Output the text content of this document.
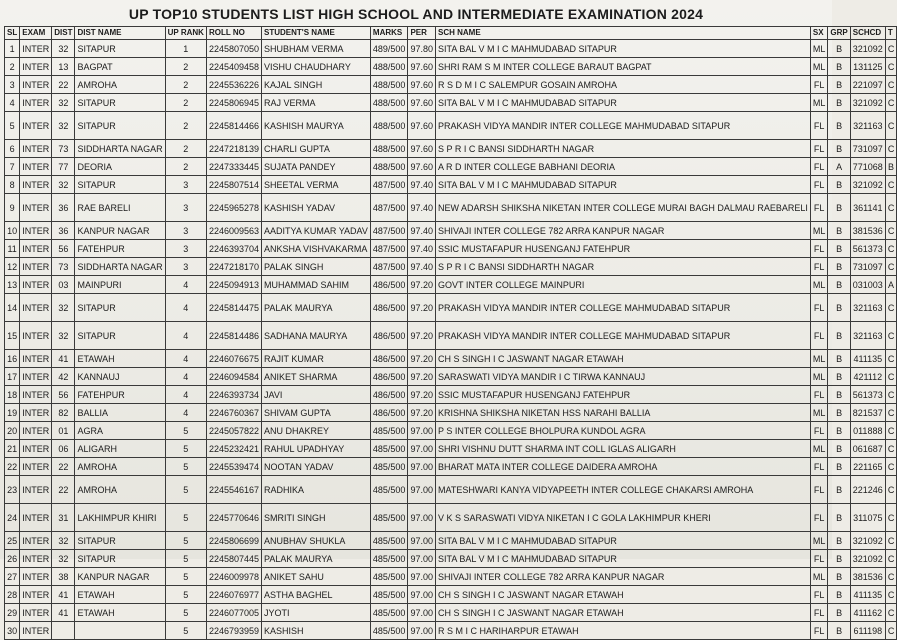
UP TOP10 STUDENTS LIST HIGH SCHOOL AND INTERMEDIATE EXAMINATION 2024
SL	EXAM	DIST	DIST NAME	UP RANK	ROLL NO	STUDENT'S NAME	MARKS	PER	SCH NAME	SX	GRP	SCHCD	T
1	INTER	32	SITAPUR	1	2245807050	SHUBHAM VERMA	489/500	97.80	SITA BAL V M I C MAHMUDABAD SITAPUR	ML	B	321092	C
2	INTER	13	BAGPAT	2	2245409458	VISHU CHAUDHARY	488/500	97.60	SHRI RAM S M INTER COLLEGE BARAUT BAGPAT	ML	B	131125	C
3	INTER	22	AMROHA	2	2245536226	KAJAL SINGH	488/500	97.60	R S D M I C SALEMPUR GOSAIN AMROHA	FL	B	221097	C
4	INTER	32	SITAPUR	2	2245806945	RAJ VERMA	488/500	97.60	SITA BAL V M I C MAHMUDABAD SITAPUR	ML	B	321092	C
5	INTER	32	SITAPUR	2	2245814466	KASHISH MAURYA	488/500	97.60	PRAKASH VIDYA MANDIR INTER COLLEGE MAHMUDABAD SITAPUR	FL	B	321163	C
6	INTER	73	SIDDHARTA NAGAR	2	2247218139	CHARLI GUPTA	488/500	97.60	S P R I C BANSI SIDDHARTH NAGAR	FL	B	731097	C
7	INTER	77	DEORIA	2	2247333445	SUJATA PANDEY	488/500	97.60	A R D INTER COLLEGE BABHANI DEORIA	FL	A	771068	B
8	INTER	32	SITAPUR	3	2245807514	SHEETAL VERMA	487/500	97.40	SITA BAL V M I C MAHMUDABAD SITAPUR	FL	B	321092	C
9	INTER	36	RAE BARELI	3	2245965278	KASHISH YADAV	487/500	97.40	NEW ADARSH SHIKSHA NIKETAN INTER COLLEGE MURAI BAGH DALMAU RAEBARELI	FL	B	361141	C
10	INTER	36	KANPUR NAGAR	3	2246009563	AADITYA KUMAR YADAV	487/500	97.40	SHIVAJI INTER COLLEGE 782 ARRA KANPUR NAGAR	ML	B	381536	C
11	INTER	56	FATEHPUR	3	2246393704	ANKSHA VISHVAKARMA	487/500	97.40	SSIC MUSTAFAPUR HUSENGANJ FATEHPUR	FL	B	561373	C
12	INTER	73	SIDDHARTA NAGAR	3	2247218170	PALAK SINGH	487/500	97.40	S P R I C BANSI SIDDHARTH NAGAR	FL	B	731097	C
13	INTER	03	MAINPURI	4	2245094913	MUHAMMAD SAHIM	486/500	97.20	GOVT INTER COLLEGE MAINPURI	ML	B	031003	A
14	INTER	32	SITAPUR	4	2245814475	PALAK MAURYA	486/500	97.20	PRAKASH VIDYA MANDIR INTER COLLEGE MAHMUDABAD SITAPUR	FL	B	321163	C
15	INTER	32	SITAPUR	4	2245814486	SADHANA MAURYA	486/500	97.20	PRAKASH VIDYA MANDIR INTER COLLEGE MAHMUDABAD SITAPUR	FL	B	321163	C
16	INTER	41	ETAWAH	4	2246076675	RAJIT KUMAR	486/500	97.20	CH S SINGH I C JASWANT NAGAR ETAWAH	ML	B	411135	C
17	INTER	42	KANNAUJ	4	2246094584	ANIKET SHARMA	486/500	97.20	SARASWATI VIDYA MANDIR I C TIRWA KANNAUJ	ML	B	421112	C
18	INTER	56	FATEHPUR	4	2246393734	JAVI	486/500	97.20	SSIC MUSTAFAPUR HUSENGANJ FATEHPUR	FL	B	561373	C
19	INTER	82	BALLIA	4	2246760367	SHIVAM GUPTA	486/500	97.20	KRISHNA SHIKSHA NIKETAN HSS NARAHI BALLIA	ML	B	821537	C
20	INTER	01	AGRA	5	2245057822	ANU DHAKREY	485/500	97.00	P S INTER COLLEGE BHOLPURA KUNDOL AGRA	FL	B	011888	C
21	INTER	06	ALIGARH	5	2245232421	RAHUL UPADHYAY	485/500	97.00	SHRI VISHNU DUTT SHARMA INT COLL IGLAS ALIGARH	ML	B	061687	C
22	INTER	22	AMROHA	5	2245539474	NOOTAN YADAV	485/500	97.00	BHARAT MATA INTER COLLEGE DAIDERA AMROHA	FL	B	221165	C
23	INTER	22	AMROHA	5	2245546167	RADHIKA	485/500	97.00	MATESHWARI KANYA VIDYAPEETH INTER COLLEGE CHAKARSI AMROHA	FL	B	221246	C
24	INTER	31	LAKHIMPUR KHIRI	5	2245770646	SMRITI SINGH	485/500	97.00	V K S SARASWATI VIDYA NIKETAN I C GOLA LAKHIMPUR KHERI	FL	B	311075	C
25	INTER	32	SITAPUR	5	2245806699	ANUBHAV SHUKLA	485/500	97.00	SITA BAL V M I C MAHMUDABAD SITAPUR	ML	B	321092	C
26	INTER	32	SITAPUR	5	2245807445	PALAK MAURYA	485/500	97.00	SITA BAL V M I C MAHMUDABAD SITAPUR	FL	B	321092	C
27	INTER	38	KANPUR NAGAR	5	2246009978	ANIKET SAHU	485/500	97.00	SHIVAJI INTER COLLEGE 782 ARRA KANPUR NAGAR	ML	B	381536	C
28	INTER	41	ETAWAH	5	2246076977	ASTHA BAGHEL	485/500	97.00	CH S SINGH I C JASWANT NAGAR ETAWAH	FL	B	411135	C
29	INTER	41	ETAWAH	5	2246077005	JYOTI	485/500	97.00	CH S SINGH I C JASWANT NAGAR ETAWAH	FL	B	411162	C
30	INTER			5	2246793959	KASHISH	485/500	97.00	R S M I C HARIHARPUR ETAWAH	FL	B	611198	C
